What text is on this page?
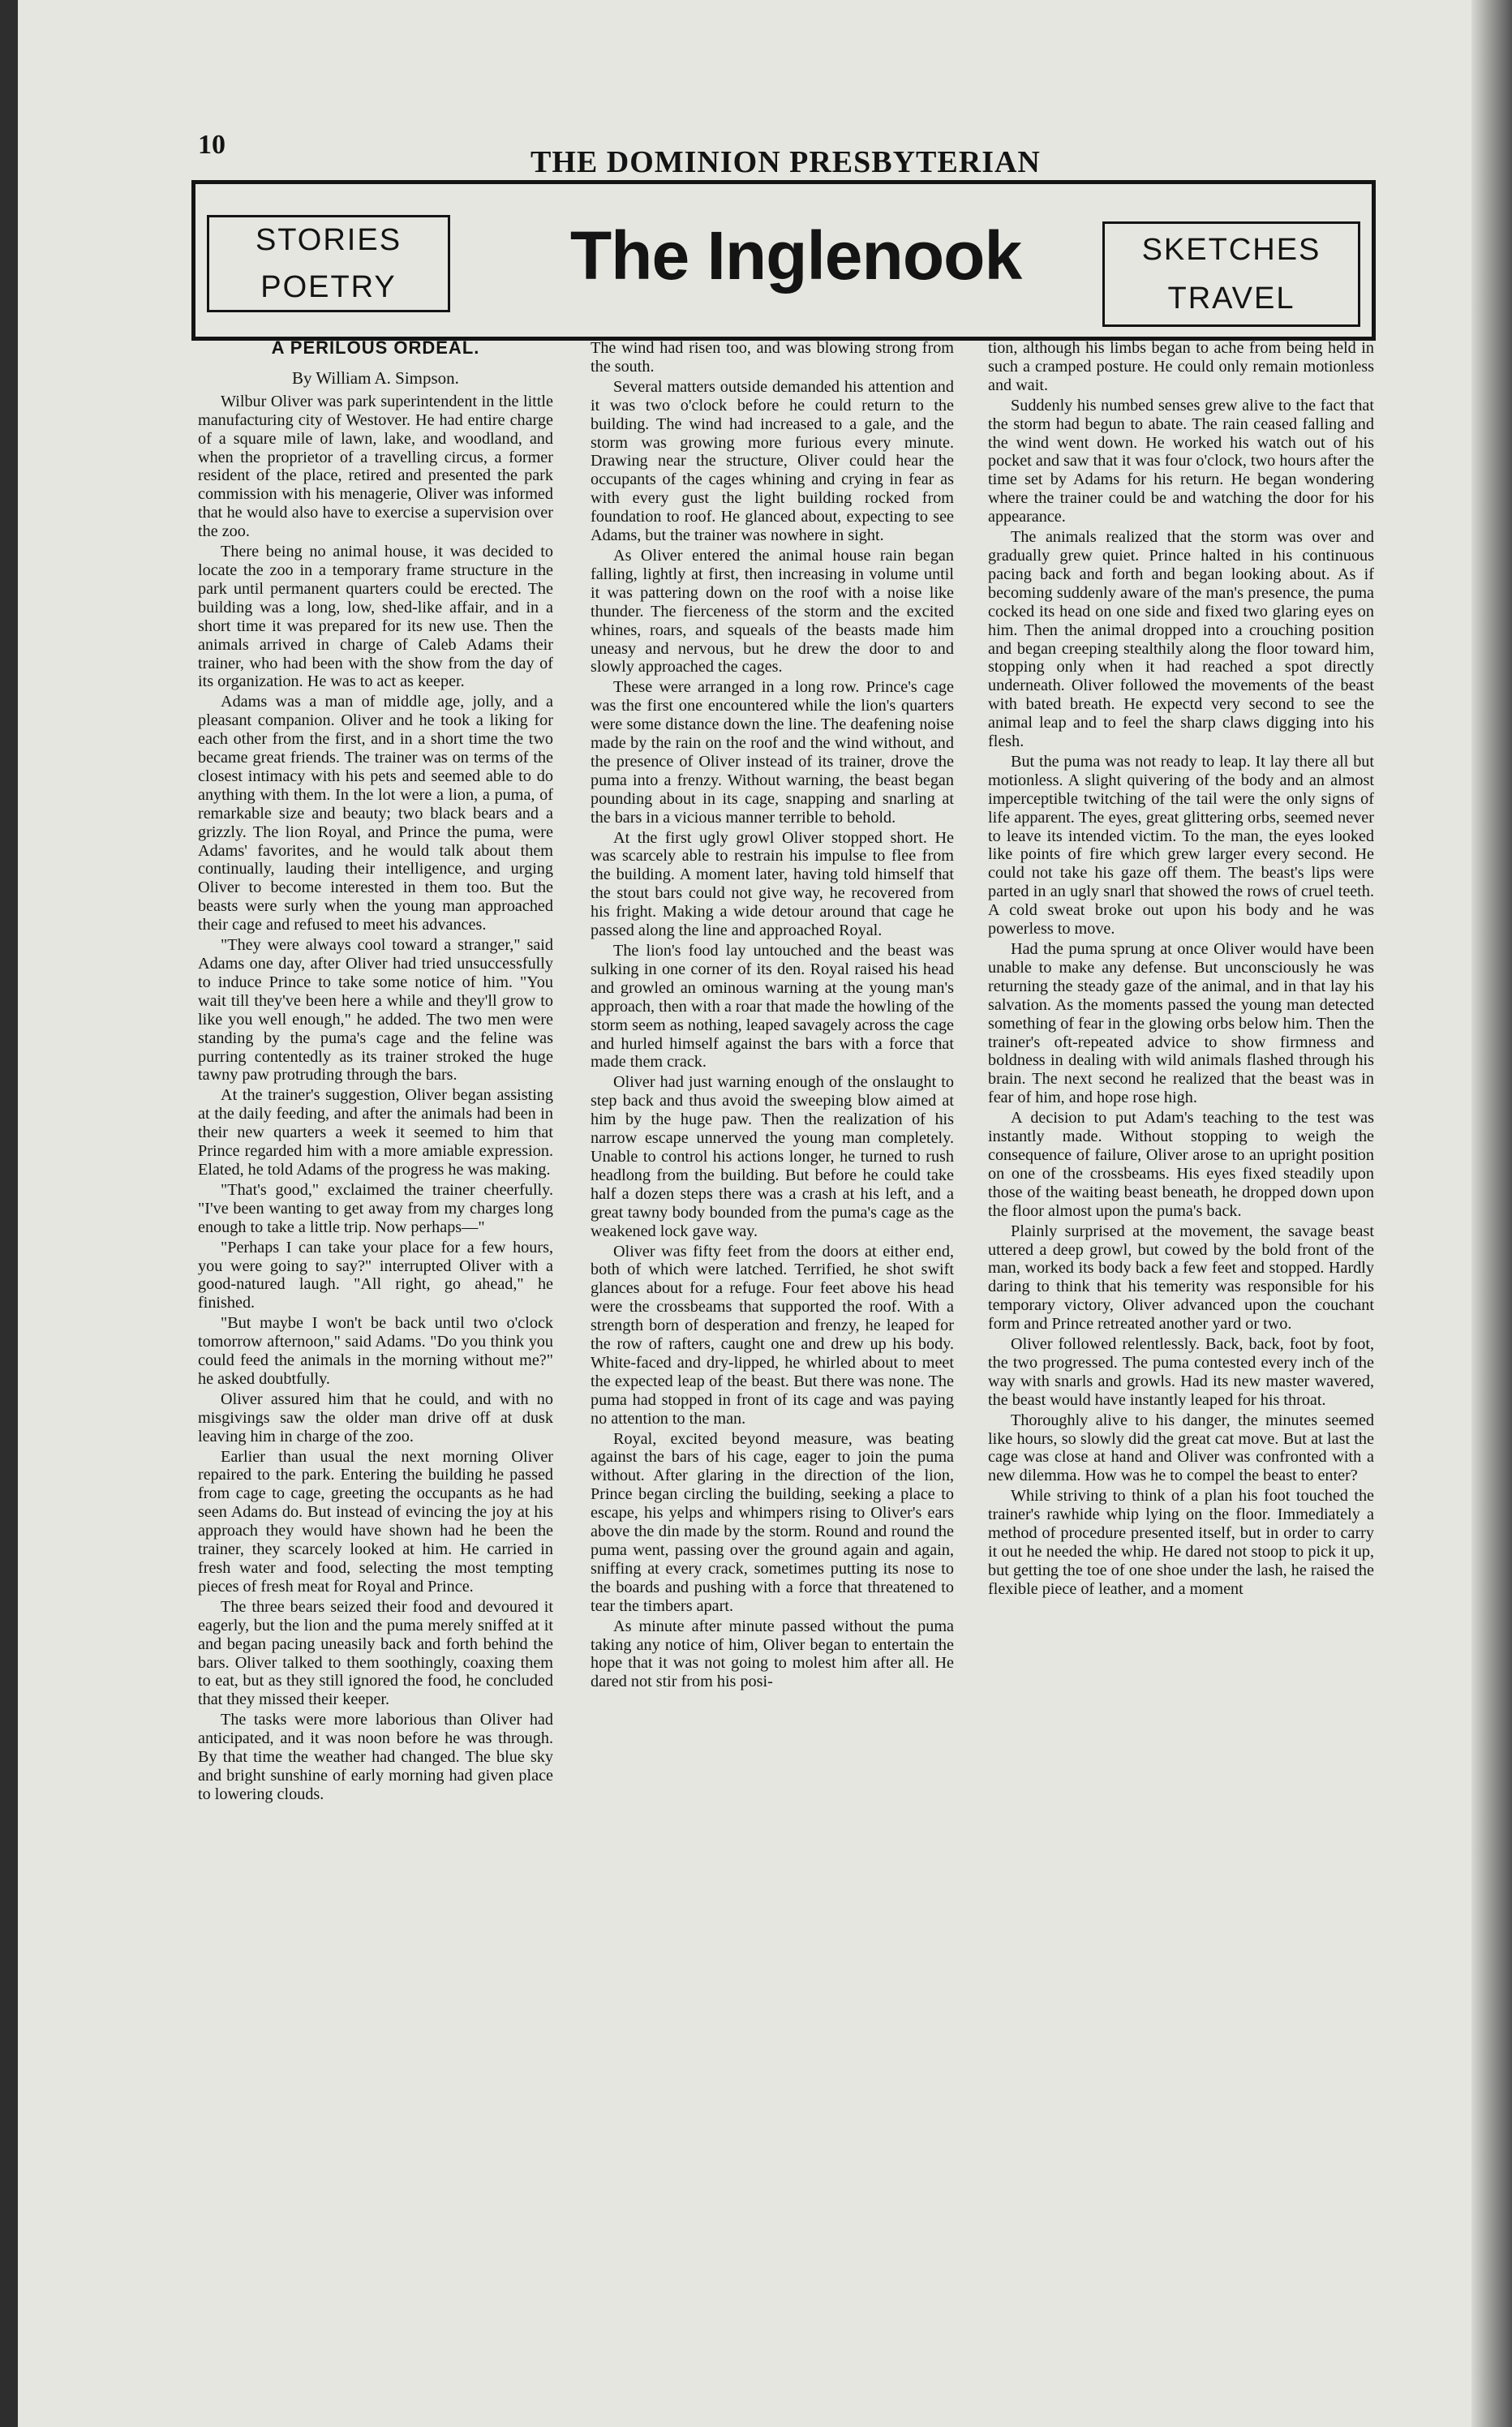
10
THE DOMINION PRESBYTERIAN
STORIES
POETRY	The Inglenook	SKETCHES
TRAVEL
A PERILOUS ORDEAL.
By William A. Simpson.

Wilbur Oliver was park superintendent in the little manufacturing city of Westover. He had entire charge of a square mile of lawn, lake, and woodland, and when the proprietor of a travelling circus, a former resident of the place, retired and presented the park commission with his menagerie, Oliver was informed that he would also have to exercise a supervision over the zoo.

There being no animal house, it was decided to locate the zoo in a temporary frame structure in the park until permanent quarters could be erected. The building was a long, low, shed-like affair, and in a short time it was prepared for its new use. Then the animals arrived in charge of Caleb Adams their trainer, who had been with the show from the day of its organization. He was to act as keeper.

Adams was a man of middle age, jolly, and a pleasant companion. Oliver and he took a liking for each other from the first, and in a short time the two became great friends. The trainer was on terms of the closest intimacy with his pets and seemed able to do anything with them. In the lot were a lion, a puma, of remarkable size and beauty; two black bears and a grizzly. The lion Royal, and Prince the puma, were Adams' favorites, and he would talk about them continually, lauding their intelligence, and urging Oliver to become interested in them too. But the beasts were surly when the young man approached their cage and refused to meet his advances.

"They were always cool toward a stranger," said Adams one day, after Oliver had tried unsuccessfully to induce Prince to take some notice of him. "You wait till they've been here a while and they'll grow to like you well enough," he added. The two men were standing by the puma's cage and the feline was purring contentedly as its trainer stroked the huge tawny paw protruding through the bars.

At the trainer's suggestion, Oliver began assisting at the daily feeding, and after the animals had been in their new quarters a week it seemed to him that Prince regarded him with a more amiable expression. Elated, he told Adams of the progress he was making.

"That's good," exclaimed the trainer cheerfully. "I've been wanting to get away from my charges long enough to take a little trip. Now perhaps—"

"Perhaps I can take your place for a few hours, you were going to say?" interrupted Oliver with a good-natured laugh. "All right, go ahead," he finished.

"But maybe I won't be back until two o'clock tomorrow afternoon," said Adams. "Do you think you could feed the animals in the morning without me?" he asked doubtfully.

Oliver assured him that he could, and with no misgivings saw the older man drive off at dusk leaving him in charge of the zoo.

Earlier than usual the next morning Oliver repaired to the park. Entering the building he passed from cage to cage, greeting the occupants as he had seen Adams do. But instead of evincing the joy at his approach they would have shown had he been the trainer, they scarcely looked at him. He carried in fresh water and food, selecting the most tempting pieces of fresh meat for Royal and Prince.

The three bears seized their food and devoured it eagerly, but the lion and the puma merely sniffed at it and began pacing uneasily back and forth behind the bars. Oliver talked to them soothingly, coaxing them to eat, but as they still ignored the food, he concluded that they missed their keeper.

The tasks were more laborious than Oliver had anticipated, and it was noon before he was through. By that time the weather had changed. The blue sky and bright sunshine of early morning had given place to lowering clouds.

The wind had risen too, and was blowing strong from the south.

Several matters outside demanded his attention and it was two o'clock before he could return to the building. The wind had increased to a gale, and the storm was growing more furious every minute. Drawing near the structure, Oliver could hear the occupants of the cages whining and crying in fear as with every gust the light building rocked from foundation to roof. He glanced about, expecting to see Adams, but the trainer was nowhere in sight.

As Oliver entered the animal house rain began falling, lightly at first, then increasing in volume until it was pattering down on the roof with a noise like thunder. The fierceness of the storm and the excited whines, roars, and squeals of the beasts made him uneasy and nervous, but he drew the door to and slowly approached the cages.

These were arranged in a long row. Prince's cage was the first one encountered while the lion's quarters were some distance down the line. The deafening noise made by the rain on the roof and the wind without, and the presence of Oliver instead of its trainer, drove the puma into a frenzy. Without warning, the beast began pounding about in its cage, snapping and snarling at the bars in a vicious manner terrible to behold.

At the first ugly growl Oliver stopped short. He was scarcely able to restrain his impulse to flee from the building. A moment later, having told himself that the stout bars could not give way, he recovered from his fright. Making a wide detour around that cage he passed along the line and approached Royal.

The lion's food lay untouched and the beast was sulking in one corner of its den. Royal raised his head and growled an ominous warning at the young man's approach, then with a roar that made the howling of the storm seem as nothing, leaped savagely across the cage and hurled himself against the bars with a force that made them crack.

Oliver had just warning enough of the onslaught to step back and thus avoid the sweeping blow aimed at him by the huge paw. Then the realization of his narrow escape unnerved the young man completely. Unable to control his actions longer, he turned to rush headlong from the building. But before he could take half a dozen steps there was a crash at his left, and a great tawny body bounded from the puma's cage as the weakened lock gave way.

Oliver was fifty feet from the doors at either end, both of which were latched. Terrified, he shot swift glances about for a refuge. Four feet above his head were the crossbeams that supported the roof. With a strength born of desperation and frenzy, he leaped for the row of rafters, caught one and drew up his body. White-faced and dry-lipped, he whirled about to meet the expected leap of the beast. But there was none. The puma had stopped in front of its cage and was paying no attention to the man.

Royal, excited beyond measure, was beating against the bars of his cage, eager to join the puma without. After glaring in the direction of the lion, Prince began circling the building, seeking a place to escape, his yelps and whimpers rising to Oliver's ears above the din made by the storm. Round and round the puma went, passing over the ground again and again, sniffing at every crack, sometimes putting its nose to the boards and pushing with a force that threatened to tear the timbers apart.

As minute after minute passed without the puma taking any notice of him, Oliver began to entertain the hope that it was not going to molest him after all. He dared not stir from his posi-

tion, although his limbs began to ache from being held in such a cramped posture. He could only remain motionless and wait.

Suddenly his numbed senses grew alive to the fact that the storm had begun to abate. The rain ceased falling and the wind went down. He worked his watch out of his pocket and saw that it was four o'clock, two hours after the time set by Adams for his return. He began wondering where the trainer could be and watching the door for his appearance.

The animals realized that the storm was over and gradually grew quiet. Prince halted in his continuous pacing back and forth and began looking about. As if becoming suddenly aware of the man's presence, the puma cocked its head on one side and fixed two glaring eyes on him. Then the animal dropped into a crouching position and began creeping stealthily along the floor toward him, stopping only when it had reached a spot directly underneath. Oliver followed the movements of the beast with bated breath. He expectd very second to see the animal leap and to feel the sharp claws digging into his flesh.

But the puma was not ready to leap. It lay there all but motionless. A slight quivering of the body and an almost imperceptible twitching of the tail were the only signs of life apparent. The eyes, great glittering orbs, seemed never to leave its intended victim. To the man, the eyes looked like points of fire which grew larger every second. He could not take his gaze off them. The beast's lips were parted in an ugly snarl that showed the rows of cruel teeth. A cold sweat broke out upon his body and he was powerless to move.

Had the puma sprung at once Oliver would have been unable to make any defense. But unconsciously he was returning the steady gaze of the animal, and in that lay his salvation. As the moments passed the young man detected something of fear in the glowing orbs below him. Then the trainer's oft-repeated advice to show firmness and boldness in dealing with wild animals flashed through his brain. The next second he realized that the beast was in fear of him, and hope rose high.

A decision to put Adam's teaching to the test was instantly made. Without stopping to weigh the consequence of failure, Oliver arose to an upright position on one of the crossbeams. His eyes fixed steadily upon those of the waiting beast beneath, he dropped down upon the floor almost upon the puma's back.

Plainly surprised at the movement, the savage beast uttered a deep growl, but cowed by the bold front of the man, worked its body back a few feet and stopped. Hardly daring to think that his temerity was responsible for his temporary victory, Oliver advanced upon the couchant form and Prince retreated another yard or two.

Oliver followed relentlessly. Back, back, foot by foot, the two progressed. The puma contested every inch of the way with snarls and growls. Had its new master wavered, the beast would have instantly leaped for his throat.

Thoroughly alive to his danger, the minutes seemed like hours, so slowly did the great cat move. But at last the cage was close at hand and Oliver was confronted with a new dilemma. How was he to compel the beast to enter?

While striving to think of a plan his foot touched the trainer's rawhide whip lying on the floor. Immediately a method of procedure presented itself, but in order to carry it out he needed the whip. He dared not stoop to pick it up, but getting the toe of one shoe under the lash, he raised the flexible piece of leather, and a moment
